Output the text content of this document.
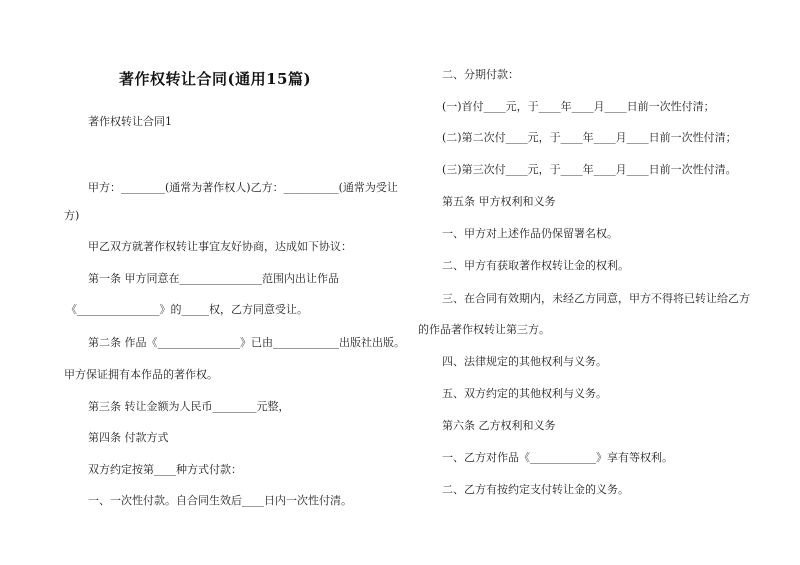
著作权转让合同(通用15篇)
著作权转让合同1
甲方：________(通常为著作权人)乙方：__________(通常为受让
方)
甲乙双方就著作权转让事宜友好协商，达成如下协议：
第一条 甲方同意在_______________范围内出让作品
《_______________》的_____权，乙方同意受让。
第二条 作品《_______________》已由____________出版社出版。
甲方保证拥有本作品的著作权。
第三条 转让金额为人民币________元整，
第四条 付款方式
双方约定按第____种方式付款：
一、一次性付款。自合同生效后____日内一次性付清。
二、分期付款：
(一)首付____元，于____年____月____日前一次性付清；
(二)第二次付____元，于____年____月____日前一次性付清；
(三)第三次付____元，于____年____月____日前一次性付清。
第五条 甲方权利和义务
一、甲方对上述作品仍保留署名权。
二、甲方有获取著作权转让金的权利。
三、在合同有效期内，未经乙方同意，甲方不得将已转让给乙方
的作品著作权转让第三方。
四、法律规定的其他权利与义务。
五、双方约定的其他权利与义务。
第六条 乙方权利和义务
一、乙方对作品《____________》享有等权利。
二、乙方有按约定支付转让金的义务。
